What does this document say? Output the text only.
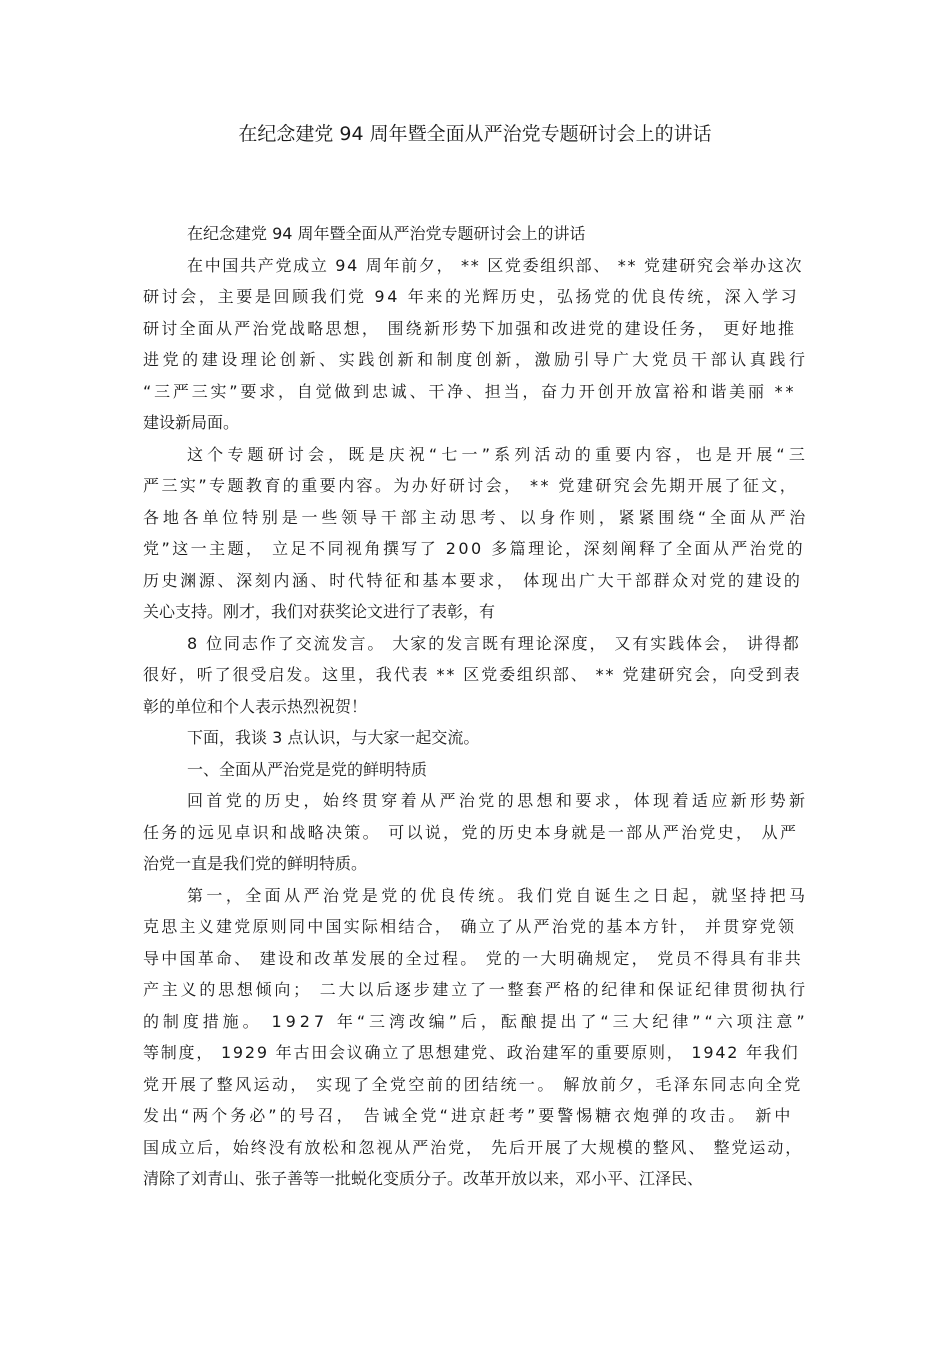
在纪念建党 94 周年暨全面从严治党专题研讨会上的讲话
在纪念建党 94 周年暨全面从严治党专题研讨会上的讲话
在中国共产党成立 94 周年前夕， ** 区党委组织部、 ** 党建研究会举办这次
研讨会，主要是回顾我们党 94 年来的光辉历史，弘扬党的优良传统，深入学习
研讨全面从严治党战略思想， 围绕新形势下加强和改进党的建设任务， 更好地推
进党的建设理论创新、实践创新和制度创新，激励引导广大党员干部认真践行
“三严三实”要求，自觉做到忠诚、干净、担当，奋力开创开放富裕和谐美丽 **
建设新局面。
这个专题研讨会，既是庆祝“七一”系列活动的重要内容，也是开展“三
严三实”专题教育的重要内容。为办好研讨会， ** 党建研究会先期开展了征文，
各地各单位特别是一些领导干部主动思考、以身作则，紧紧围绕“全面从严治
党”这一主题， 立足不同视角撰写了 200 多篇理论，深刻阐释了全面从严治党的
历史渊源、深刻内涵、时代特征和基本要求， 体现出广大干部群众对党的建设的
关心支持。刚才，我们对获奖论文进行了表彰，有
8 位同志作了交流发言。 大家的发言既有理论深度， 又有实践体会， 讲得都
很好，听了很受启发。这里，我代表 ** 区党委组织部、 ** 党建研究会，向受到表
彰的单位和个人表示热烈祝贺！
下面，我谈 3 点认识，与大家一起交流。
一、全面从严治党是党的鲜明特质
回首党的历史，始终贯穿着从严治党的思想和要求，体现着适应新形势新
任务的远见卓识和战略决策。 可以说，党的历史本身就是一部从严治党史， 从严
治党一直是我们党的鲜明特质。
第一，全面从严治党是党的优良传统。我们党自诞生之日起，就坚持把马
克思主义建党原则同中国实际相结合， 确立了从严治党的基本方针， 并贯穿党领
导中国革命、 建设和改革发展的全过程。 党的一大明确规定， 党员不得具有非共
产主义的思想倾向； 二大以后逐步建立了一整套严格的纪律和保证纪律贯彻执行
的制度措施。 1927 年“三湾改编”后，酝酿提出了“三大纪律”“六项注意”
等制度， 1929 年古田会议确立了思想建党、政治建军的重要原则， 1942 年我们
党开展了整风运动， 实现了全党空前的团结统一。 解放前夕，毛泽东同志向全党
发出“两个务必”的号召， 告诫全党“进京赶考”要警惕糖衣炮弹的攻击。 新中
国成立后，始终没有放松和忽视从严治党， 先后开展了大规模的整风、 整党运动，
清除了刘青山、张子善等一批蜕化变质分子。改革开放以来，邓小平、江泽民、
